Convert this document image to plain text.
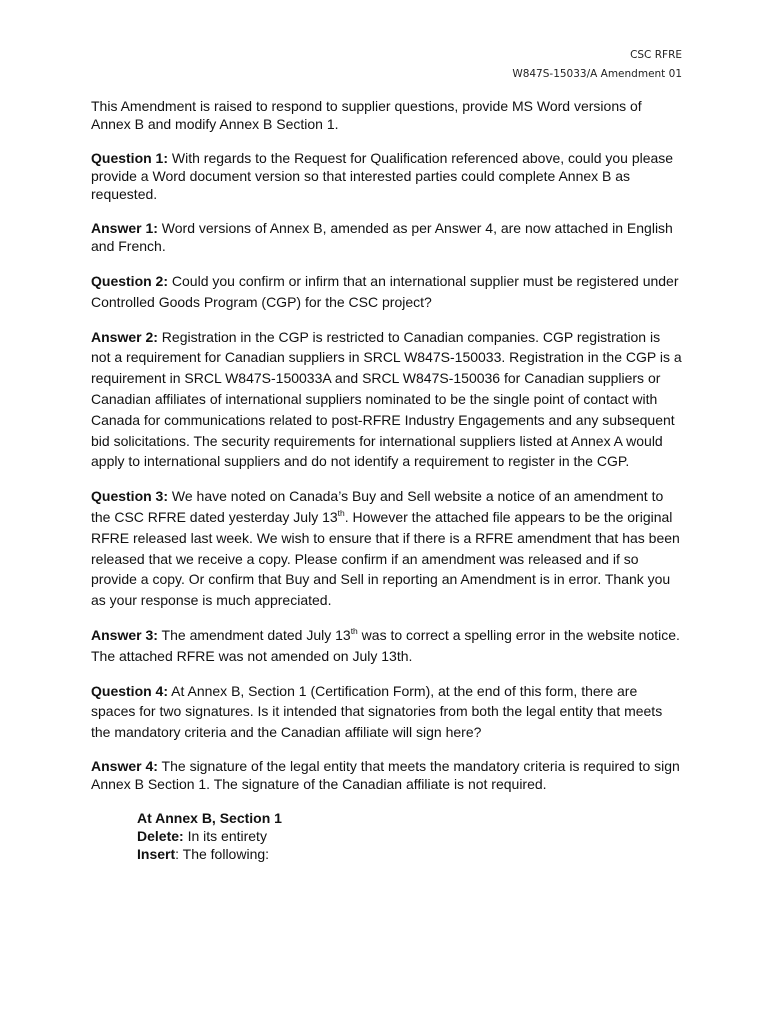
CSC RFRE
W847S-15033/A Amendment 01

This Amendment is raised to respond to supplier questions, provide MS Word versions of Annex B and modify Annex B Section 1.

Question 1: With regards to the Request for Qualification referenced above, could you please provide a Word document version so that interested parties could complete Annex B as requested.

Answer 1: Word versions of Annex B, amended as per Answer 4, are now attached in English and French.

Question 2: Could you confirm or infirm that an international supplier must be registered under Controlled Goods Program (CGP) for the CSC project?

Answer 2: Registration in the CGP is restricted to Canadian companies. CGP registration is not a requirement for Canadian suppliers in SRCL W847S-150033. Registration in the CGP is a requirement in SRCL W847S-150033A and SRCL W847S-150036 for Canadian suppliers or Canadian affiliates of international suppliers nominated to be the single point of contact with Canada for communications related to post-RFRE Industry Engagements and any subsequent bid solicitations. The security requirements for international suppliers listed at Annex A would apply to international suppliers and do not identify a requirement to register in the CGP.

Question 3: We have noted on Canada’s Buy and Sell website a notice of an amendment to the CSC RFRE dated yesterday July 13th. However the attached file appears to be the original RFRE released last week. We wish to ensure that if there is a RFRE amendment that has been released that we receive a copy. Please confirm if an amendment was released and if so provide a copy. Or confirm that Buy and Sell in reporting an Amendment is in error. Thank you as your response is much appreciated.

Answer 3: The amendment dated July 13th was to correct a spelling error in the website notice. The attached RFRE was not amended on July 13th.

Question 4: At Annex B, Section 1 (Certification Form), at the end of this form, there are spaces for two signatures. Is it intended that signatories from both the legal entity that meets the mandatory criteria and the Canadian affiliate will sign here?

Answer 4: The signature of the legal entity that meets the mandatory criteria is required to sign Annex B Section 1. The signature of the Canadian affiliate is not required.

At Annex B, Section 1
Delete: In its entirety
Insert: The following:
